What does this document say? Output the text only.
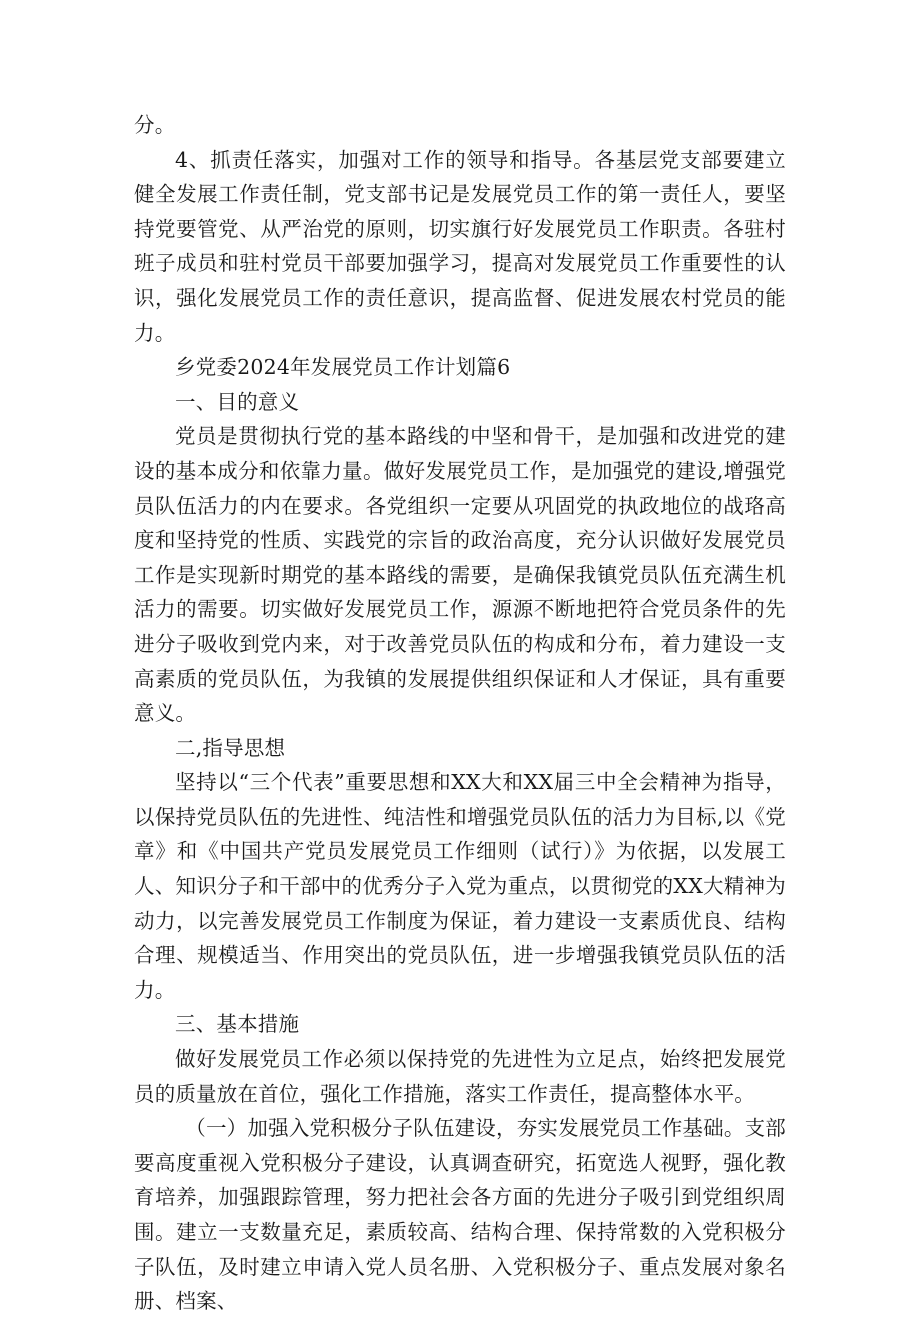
分。

4、抓责任落实，加强对工作的领导和指导。各基层党支部要建立健全发展工作责任制，党支部书记是发展党员工作的第一责任人，要坚持党要管党、从严治党的原则，切实旗行好发展党员工作职责。各驻村班子成员和驻村党员干部要加强学习，提高对发展党员工作重要性的认识，强化发展党员工作的责任意识，提高监督、促进发展农村党员的能力。

乡党委2024年发展党员工作计划篇6

一、目的意义

党员是贯彻执行党的基本路线的中坚和骨干，是加强和改进党的建设的基本成分和依靠力量。做好发展党员工作，是加强党的建设,增强党员队伍活力的内在要求。各党组织一定要从巩固党的执政地位的战珞高度和坚持党的性质、实践党的宗旨的政治高度，充分认识做好发展党员工作是实现新时期党的基本路线的需要，是确保我镇党员队伍充满生机活力的需要。切实做好发展党员工作，源源不断地把符合党员条件的先进分子吸收到党内来，对于改善党员队伍的构成和分布，着力建设一支高素质的党员队伍，为我镇的发展提供组织保证和人才保证，具有重要意义。

二,指导思想

坚持以“三个代表”重要思想和XX大和XX届三中全会精神为指导，以保持党员队伍的先进性、纯洁性和增强党员队伍的活力为目标,以《党章》和《中国共产党员发展党员工作细则（试行）》为依据，以发展工人、知识分子和干部中的优秀分子入党为重点，以贯彻党的XX大精神为动力，以完善发展党员工作制度为保证，着力建设一支素质优良、结构合理、规模适当、作用突出的党员队伍，进一步增强我镇党员队伍的活力。

三、基本措施

做好发展党员工作必须以保持党的先进性为立足点，始终把发展党员的质量放在首位，强化工作措施，落实工作责任，提高整体水平。

（一）加强入党积极分子队伍建设，夯实发展党员工作基础。支部要高度重视入党积极分子建设，认真调查研究，拓宽选人视野，强化教育培养，加强跟踪管理，努力把社会各方面的先进分子吸引到党组织周围。建立一支数量充足，素质较高、结构合理、保持常数的入党积极分子队伍，及时建立申请入党人员名册、入党积极分子、重点发展对象名册、档案、
